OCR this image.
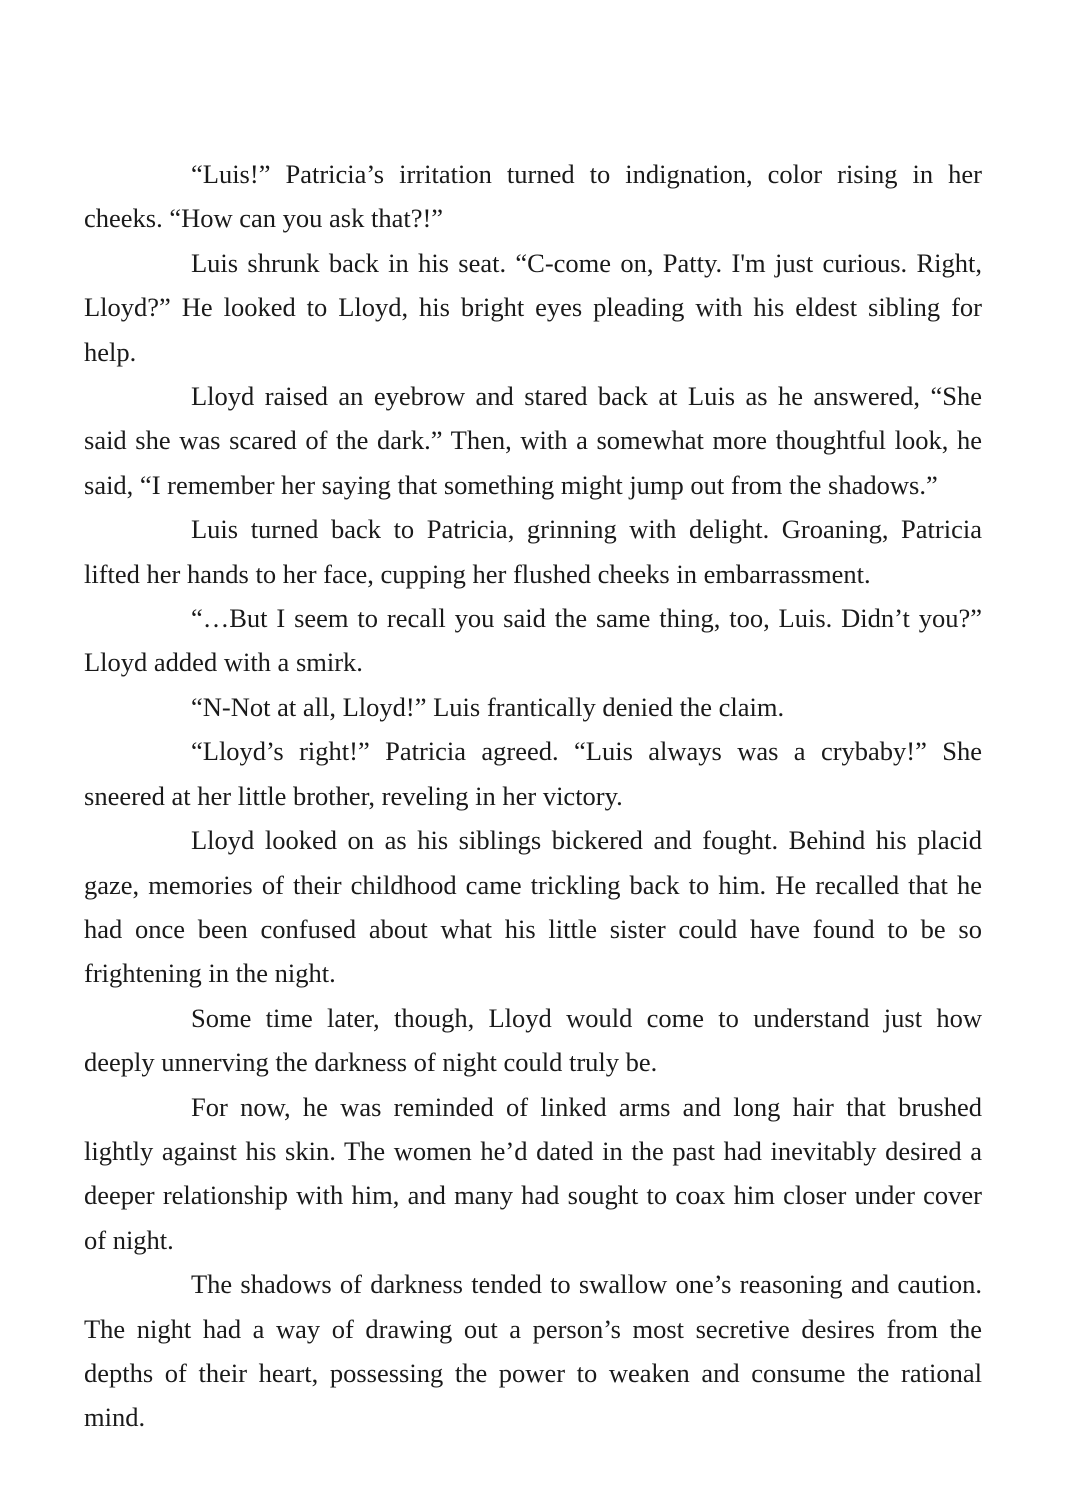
“Luis!” Patricia’s irritation turned to indignation, color rising in her cheeks. “How can you ask that?!”

Luis shrunk back in his seat. “C-come on, Patty. I'm just curious. Right, Lloyd?” He looked to Lloyd, his bright eyes pleading with his eldest sibling for help.

Lloyd raised an eyebrow and stared back at Luis as he answered, “She said she was scared of the dark.” Then, with a somewhat more thoughtful look, he said, “I remember her saying that something might jump out from the shadows.”

Luis turned back to Patricia, grinning with delight. Groaning, Patricia lifted her hands to her face, cupping her flushed cheeks in embarrassment.

“…But I seem to recall you said the same thing, too, Luis. Didn’t you?” Lloyd added with a smirk.

“N-Not at all, Lloyd!” Luis frantically denied the claim.

“Lloyd’s right!” Patricia agreed. “Luis always was a crybaby!” She sneered at her little brother, reveling in her victory.

Lloyd looked on as his siblings bickered and fought. Behind his placid gaze, memories of their childhood came trickling back to him. He recalled that he had once been confused about what his little sister could have found to be so frightening in the night.

Some time later, though, Lloyd would come to understand just how deeply unnerving the darkness of night could truly be.

For now, he was reminded of linked arms and long hair that brushed lightly against his skin. The women he’d dated in the past had inevitably desired a deeper relationship with him, and many had sought to coax him closer under cover of night.

The shadows of darkness tended to swallow one’s reasoning and caution. The night had a way of drawing out a person’s most secretive desires from the depths of their heart, possessing the power to weaken and consume the rational mind.
